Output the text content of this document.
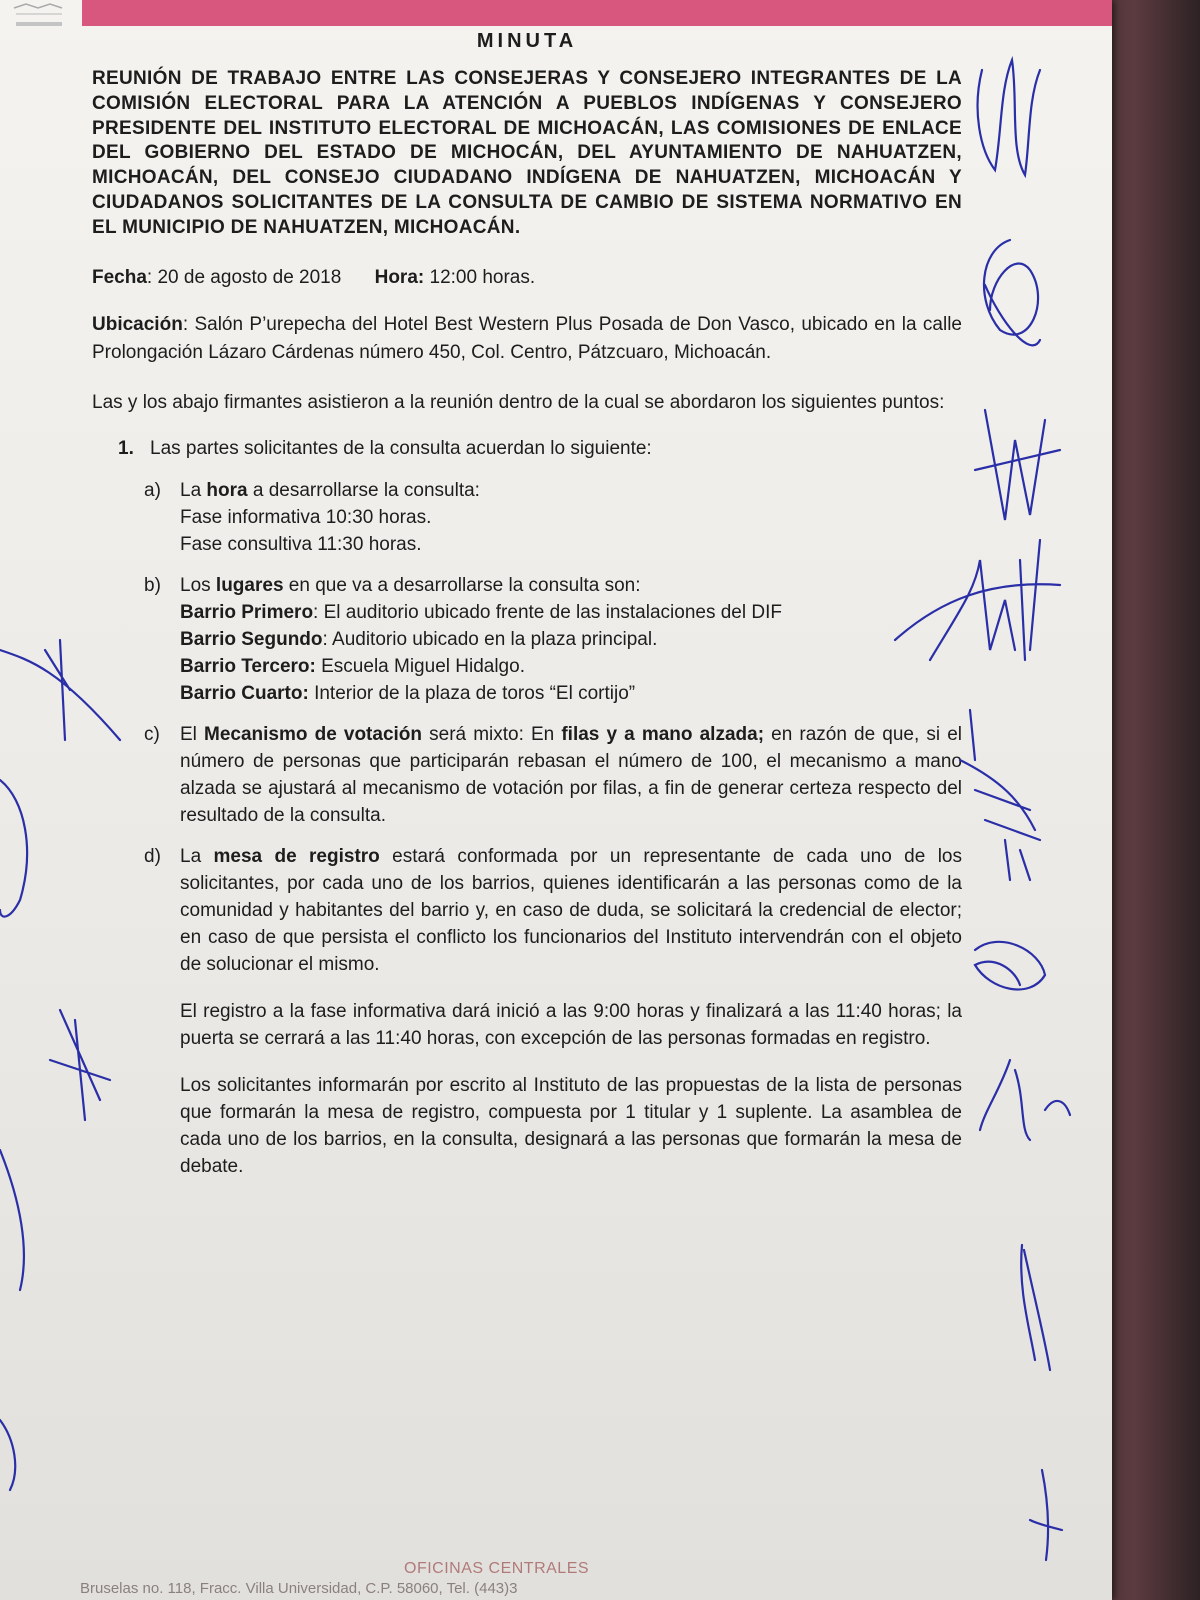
MINUTA
REUNIÓN DE TRABAJO ENTRE LAS CONSEJERAS Y CONSEJERO INTEGRANTES DE LA COMISIÓN ELECTORAL PARA LA ATENCIÓN A PUEBLOS INDÍGENAS Y CONSEJERO PRESIDENTE DEL INSTITUTO ELECTORAL DE MICHOACÁN, LAS COMISIONES DE ENLACE DEL GOBIERNO DEL ESTADO DE MICHOCÁN, DEL AYUNTAMIENTO DE NAHUATZEN, MICHOACÁN, DEL CONSEJO CIUDADANO INDÍGENA DE NAHUATZEN, MICHOACÁN Y CIUDADANOS SOLICITANTES DE LA CONSULTA DE CAMBIO DE SISTEMA NORMATIVO EN EL MUNICIPIO DE NAHUATZEN, MICHOACÁN.
Fecha: 20 de agosto de 2018 Hora: 12:00 horas.
Ubicación: Salón P’urepecha del Hotel Best Western Plus Posada de Don Vasco, ubicado en la calle Prolongación Lázaro Cárdenas número 450, Col. Centro, Pátzcuaro, Michoacán.
Las y los abajo firmantes asistieron a la reunión dentro de la cual se abordaron los siguientes puntos:
1. Las partes solicitantes de la consulta acuerdan lo siguiente:
a) La hora a desarrollarse la consulta:
Fase informativa 10:30 horas.
Fase consultiva 11:30 horas.
b) Los lugares en que va a desarrollarse la consulta son:
Barrio Primero: El auditorio ubicado frente de las instalaciones del DIF
Barrio Segundo: Auditorio ubicado en la plaza principal.
Barrio Tercero: Escuela Miguel Hidalgo.
Barrio Cuarto: Interior de la plaza de toros “El cortijo”
c) El Mecanismo de votación será mixto: En filas y a mano alzada; en razón de que, si el número de personas que participarán rebasan el número de 100, el mecanismo a mano alzada se ajustará al mecanismo de votación por filas, a fin de generar certeza respecto del resultado de la consulta.
d) La mesa de registro estará conformada por un representante de cada uno de los solicitantes, por cada uno de los barrios, quienes identificarán a las personas como de la comunidad y habitantes del barrio y, en caso de duda, se solicitará la credencial de elector; en caso de que persista el conflicto los funcionarios del Instituto intervendrán con el objeto de solucionar el mismo.
El registro a la fase informativa dará inició a las 9:00 horas y finalizará a las 11:40 horas; la puerta se cerrará a las 11:40 horas, con excepción de las personas formadas en registro.
Los solicitantes informarán por escrito al Instituto de las propuestas de la lista de personas que formarán la mesa de registro, compuesta por 1 titular y 1 suplente. La asamblea de cada uno de los barrios, en la consulta, designará a las personas que formarán la mesa de debate.
OFICINAS CENTRALES
Bruselas no. 118, Fracc. Villa Universidad, C.P. 58060, Tel. (443)3
